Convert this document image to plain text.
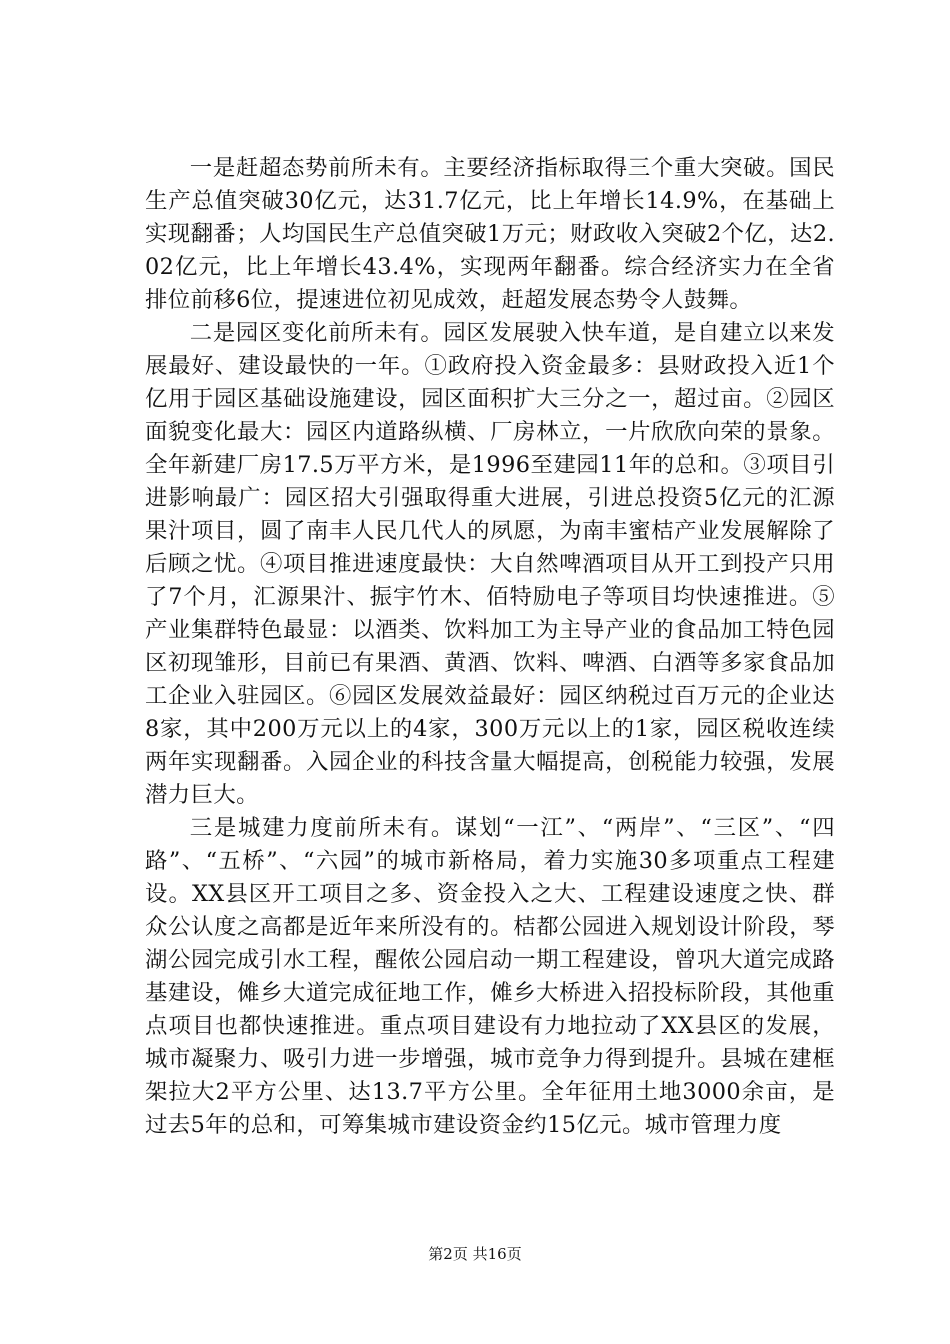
一是赶超态势前所未有。主要经济指标取得三个重大突破。国民生产总值突破30亿元，达31.7亿元，比上年增长14.9%，在基础上实现翻番；人均国民生产总值突破1万元；财政收入突破2个亿，达2.02亿元，比上年增长43.4%，实现两年翻番。综合经济实力在全省排位前移6位，提速进位初见成效，赶超发展态势令人鼓舞。

二是园区变化前所未有。园区发展驶入快车道，是自建立以来发展最好、建设最快的一年。①政府投入资金最多：县财政投入近1个亿用于园区基础设施建设，园区面积扩大三分之一，超过亩。②园区面貌变化最大：园区内道路纵横、厂房林立，一片欣欣向荣的景象。全年新建厂房17.5万平方米，是1996至建园11年的总和。③项目引进影响最广：园区招大引强取得重大进展，引进总投资5亿元的汇源果汁项目，圆了南丰人民几代人的夙愿，为南丰蜜桔产业发展解除了后顾之忧。④项目推进速度最快：大自然啤酒项目从开工到投产只用了7个月，汇源果汁、振宇竹木、佰特励电子等项目均快速推进。⑤产业集群特色最显：以酒类、饮料加工为主导产业的食品加工特色园区初现雏形，目前已有果酒、黄酒、饮料、啤酒、白酒等多家食品加工企业入驻园区。⑥园区发展效益最好：园区纳税过百万元的企业达8家，其中200万元以上的4家，300万元以上的1家，园区税收连续两年实现翻番。入园企业的科技含量大幅提高，创税能力较强，发展潜力巨大。

三是城建力度前所未有。谋划“一江”、“两岸”、“三区”、“四路”、“五桥”、“六园”的城市新格局，着力实施30多项重点工程建设。XX县区开工项目之多、资金投入之大、工程建设速度之快、群众公认度之高都是近年来所没有的。桔都公园进入规划设计阶段，琴湖公园完成引水工程，醒侬公园启动一期工程建设，曾巩大道完成路基建设，傩乡大道完成征地工作，傩乡大桥进入招投标阶段，其他重点项目也都快速推进。重点项目建设有力地拉动了XX县区的发展，城市凝聚力、吸引力进一步增强，城市竞争力得到提升。县城在建框架拉大2平方公里、达13.7平方公里。全年征用土地3000余亩，是过去5年的总和，可筹集城市建设资金约15亿元。城市管理力度

第2页 共16页
